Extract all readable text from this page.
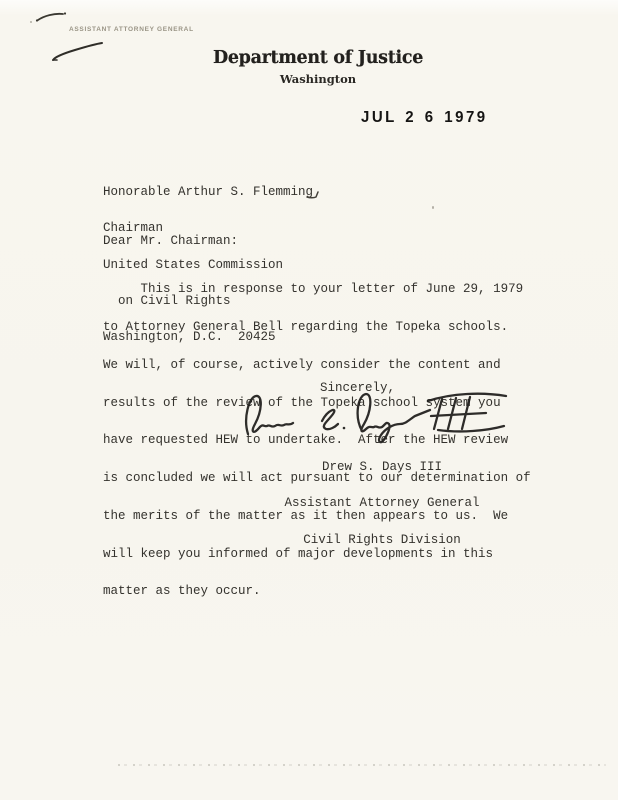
ASSISTANT ATTORNEY GENERAL
Department of Justice
Washington
JUL 2 6 1979

Honorable Arthur S. Flemming

Chairman

United States Commission

on Civil Rights

Washington, D.C.  20425

Dear Mr. Chairman:

This is in response to your letter of June 29, 1979

to Attorney General Bell regarding the Topeka schools.

We will, of course, actively consider the content and

results of the review of the Topeka school system you

have requested HEW to undertake.  After the HEW review

is concluded we will act pursuant to our determination of

the merits of the matter as it then appears to us.  We

will keep you informed of major developments in this

matter as they occur.

Sincerely,

Drew S. Days III

Assistant Attorney General

Civil Rights Division
